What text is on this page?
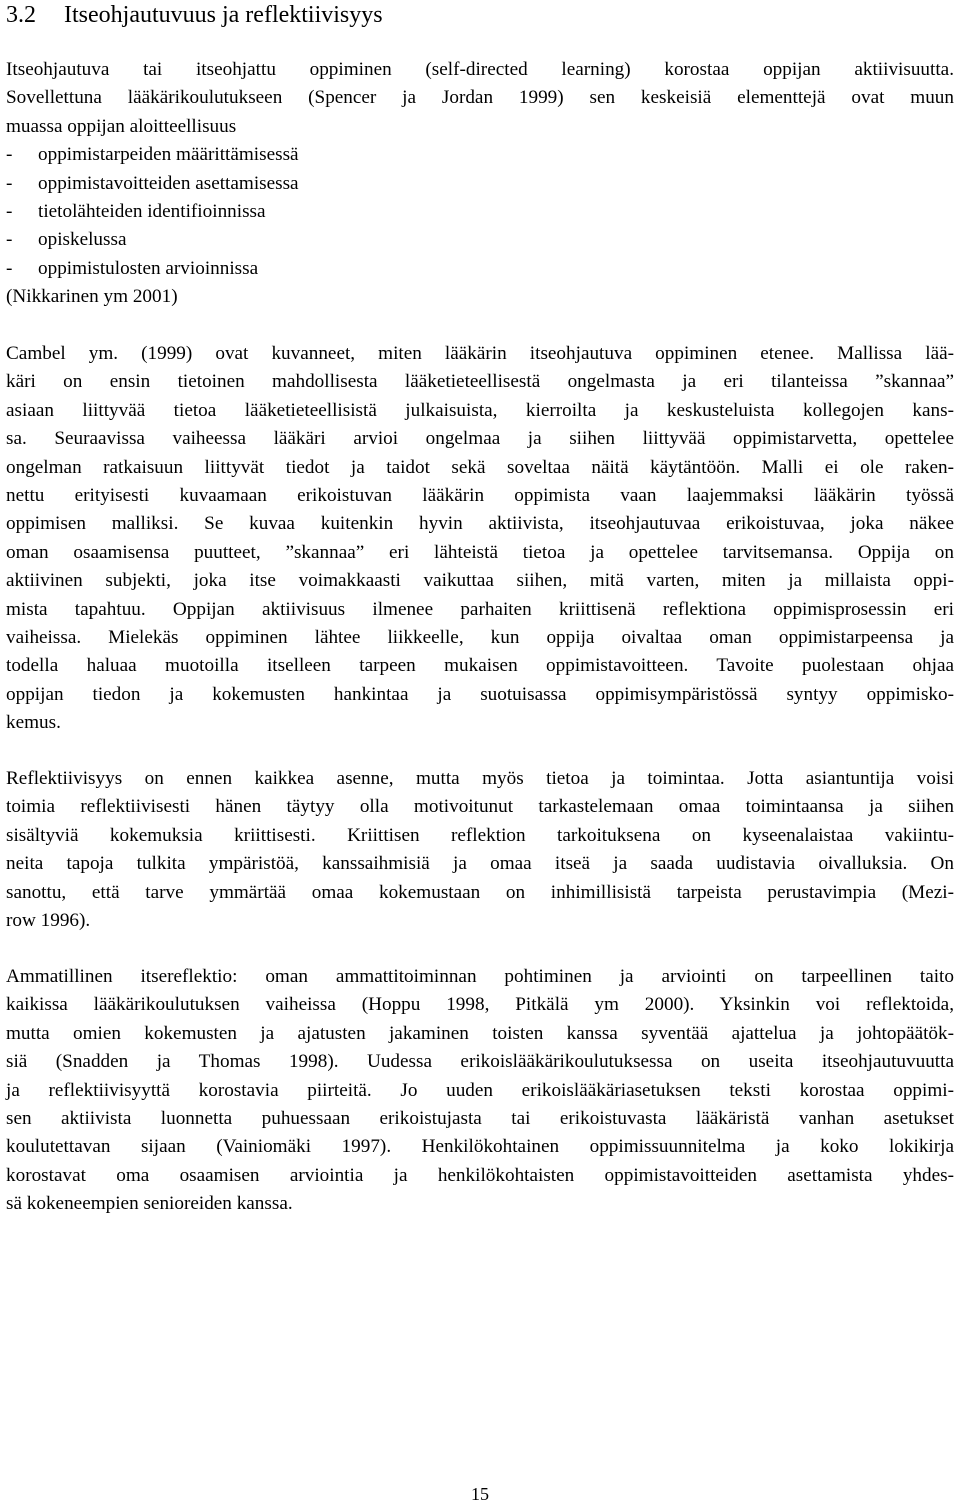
3.2 Itseohjautuvuus ja reflektiivisyys
Itseohjautuva tai itseohjattu oppiminen (self-directed learning) korostaa oppijan aktiivisuutta.
Sovellettuna lääkärikoulutukseen (Spencer ja Jordan 1999) sen keskeisiä elementtejä ovat muun
muassa oppijan aloitteellisuus
- oppimistarpeiden määrittämisessä
- oppimistavoitteiden asettamisessa
- tietolähteiden identifioinnissa
- opiskelussa
- oppimistulosten arvioinnissa
(Nikkarinen ym 2001)
Cambel ym. (1999) ovat kuvanneet, miten lääkärin itseohjautuva oppiminen etenee. Mallissa lää-
käri on ensin tietoinen mahdollisesta lääketieteellisestä ongelmasta ja eri tilanteissa ”skannaa”
asiaan liittyvää tietoa lääketieteellisistä julkaisuista, kierroilta ja keskusteluista kollegojen kans-
sa. Seuraavissa vaiheessa lääkäri arvioi ongelmaa ja siihen liittyvää oppimistarvetta, opettelee
ongelman ratkaisuun liittyvät tiedot ja taidot sekä soveltaa näitä käytäntöön. Malli ei ole raken-
nettu erityisesti kuvaamaan erikoistuvan lääkärin oppimista vaan laajemmaksi lääkärin työssä
oppimisen malliksi. Se kuvaa kuitenkin hyvin aktiivista, itseohjautuvaa erikoistuvaa, joka näkee
oman osaamisensa puutteet, ”skannaa” eri lähteistä tietoa ja opettelee tarvitsemansa. Oppija on
aktiivinen subjekti, joka itse voimakkaasti vaikuttaa siihen, mitä varten, miten ja millaista oppi-
mista tapahtuu. Oppijan aktiivisuus ilmenee parhaiten kriittisenä reflektiona oppimisprosessin eri
vaiheissa. Mielekäs oppiminen lähtee liikkeelle, kun oppija oivaltaa oman oppimistarpeensa ja
todella haluaa muotoilla itselleen tarpeen mukaisen oppimistavoitteen. Tavoite puolestaan ohjaa
oppijan tiedon ja kokemusten hankintaa ja suotuisassa oppimisympäristössä syntyy oppimisko-
kemus.
Reflektiivisyys on ennen kaikkea asenne, mutta myös tietoa ja toimintaa. Jotta asiantuntija voisi
toimia reflektiivisesti hänen täytyy olla motivoitunut tarkastelemaan omaa toimintaansa ja siihen
sisältyviä kokemuksia kriittisesti. Kriittisen reflektion tarkoituksena on kyseenalaistaa vakiintu-
neita tapoja tulkita ympäristöä, kanssaihmisiä ja omaa itseä ja saada uudistavia oivalluksia. On
sanottu, että tarve ymmärtää omaa kokemustaan on inhimillisistä tarpeista perustavimpia (Mezi-
row 1996).
Ammatillinen itsereflektio: oman ammattitoiminnan pohtiminen ja arviointi on tarpeellinen taito
kaikissa lääkärikoulutuksen vaiheissa (Hoppu 1998, Pitkälä ym 2000). Yksinkin voi reflektoida,
mutta omien kokemusten ja ajatusten jakaminen toisten kanssa syventää ajattelua ja johtopäätök-
siä (Snadden ja Thomas 1998). Uudessa erikoislääkärikoulutuksessa on useita itseohjautuvuutta
ja reflektiivisyyttä korostavia piirteitä. Jo uuden erikoislääkäriasetuksen teksti korostaa oppimi-
sen aktiivista luonnetta puhuessaan erikoistujasta tai erikoistuvasta lääkäristä vanhan asetukset
koulutettavan sijaan (Vainiomäki 1997). Henkilökohtainen oppimissuunnitelma ja koko lokikirja
korostavat oma osaamisen arviointia ja henkilökohtaisten oppimistavoitteiden asettamista yhdes-
sä kokeneempien senioreiden kanssa.
15
